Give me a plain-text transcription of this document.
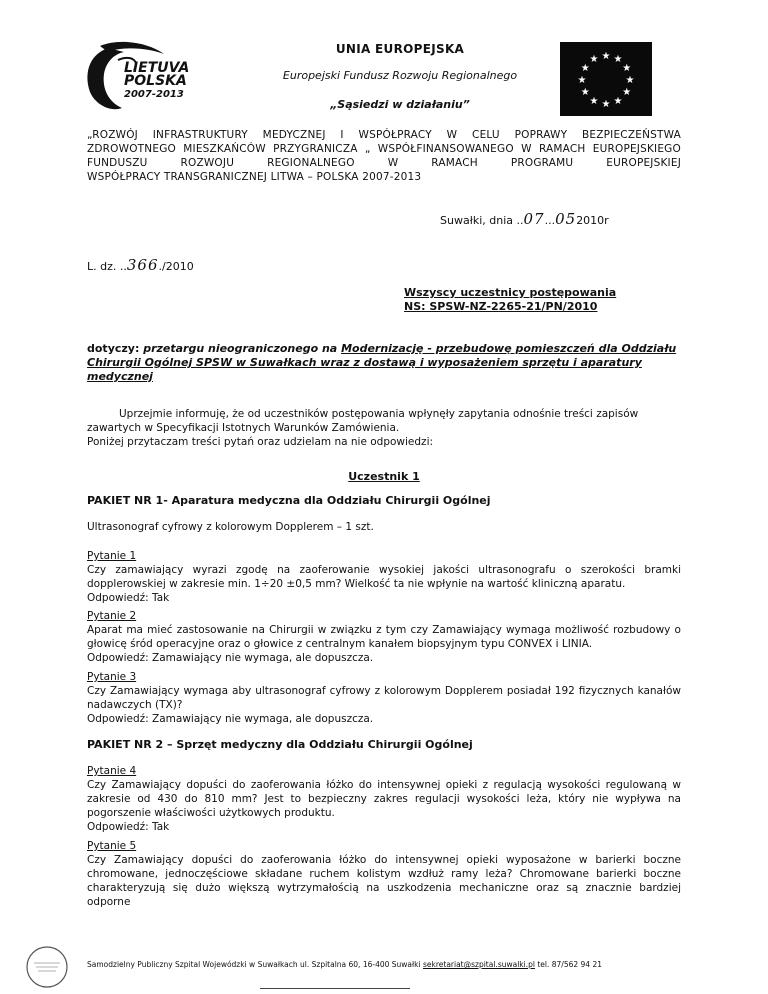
LIETUVA
POLSKA
2007-2013
UNIA EUROPEJSKA
Europejski Fundusz Rozwoju Regionalnego
„Sąsiedzi w działaniu”
★ ★
★
★
★
★
★
★
★
★
★
★

„ROZWÓJ INFRASTRUKTURY MEDYCZNEJ I WSPÓŁPRACY W CELU POPRAWY BEZPIECZEŃSTWA ZDROWOTNEGO MIESZKAŃCÓW PRZYGRANICZA „ WSPÓŁFINANSOWANEGO W RAMACH EUROPEJSKIEGO FUNDUSZU ROZWOJU REGIONALNEGO W RAMACH PROGRAMU EUROPEJSKIEJ

WSPÓŁPRACY TRANSGRANICZNEJ LITWA – POLSKA 2007-2013

Suwałki, dnia ..07...052010r
L. dz. ..366./2010
Wszyscy uczestnicy postępowania
NS: SPSW-NZ-2265-21/PN/2010

dotyczy: przetargu nieograniczonego na Modernizację - przebudowę pomieszczeń dla Oddziału Chirurgii Ogólnej SPSW w Suwałkach wraz z dostawą i wyposażeniem sprzętu i aparatury medycznej

Uprzejmie informuję, że od uczestników postępowania wpłynęły zapytania odnośnie treści zapisów

zawartych w Specyfikacji Istotnych Warunków Zamówienia.

Poniżej przytaczam treści pytań oraz udzielam na nie odpowiedzi:

Uczestnik 1
PAKIET NR 1- Aparatura medyczna dla Oddziału Chirurgii Ogólnej
Ultrasonograf cyfrowy z kolorowym Dopplerem – 1 szt.

Pytanie 1

Czy zamawiający wyrazi zgodę na zaoferowanie wysokiej jakości ultrasonografu o szerokości bramki dopplerowskiej w zakresie min. 1÷20 ±0,5 mm? Wielkość ta nie wpłynie na wartość kliniczną aparatu.

Odpowiedź: Tak

Pytanie 2

Aparat ma mieć zastosowanie na Chirurgii w związku z tym czy Zamawiający wymaga możliwość rozbudowy o głowicę śród operacyjne oraz o głowice z centralnym kanałem biopsyjnym typu CONVEX i LINIA.

Odpowiedź: Zamawiający nie wymaga, ale dopuszcza.

Pytanie 3

Czy Zamawiający wymaga aby ultrasonograf cyfrowy z kolorowym Dopplerem posiadał 192 fizycznych kanałów nadawczych (TX)?

Odpowiedź: Zamawiający nie wymaga, ale dopuszcza.

PAKIET NR 2 – Sprzęt medyczny dla Oddziału Chirurgii Ogólnej

Pytanie 4

Czy Zamawiający dopuści do zaoferowania łóżko do intensywnej opieki z regulacją wysokości regulowaną w zakresie od 430 do 810 mm? Jest to bezpieczny zakres regulacji wysokości leża, który nie wypływa na pogorszenie właściwości użytkowych produktu.

Odpowiedź: Tak

Pytanie 5

Czy Zamawiający dopuści do zaoferowania łóżko do intensywnej opieki wyposażone w barierki boczne chromowane, jednoczęściowe składane ruchem kolistym wzdłuż ramy leża? Chromowane barierki boczne charakteryzują się dużo większą wytrzymałością na uszkodzenia mechaniczne oraz są znacznie bardziej odporne

Samodzielny Publiczny Szpital Wojewódzki w Suwałkach ul. Szpitalna 60, 16-400 Suwałki sekretariat@szpital.suwalki.pl tel. 87/562 94 21
